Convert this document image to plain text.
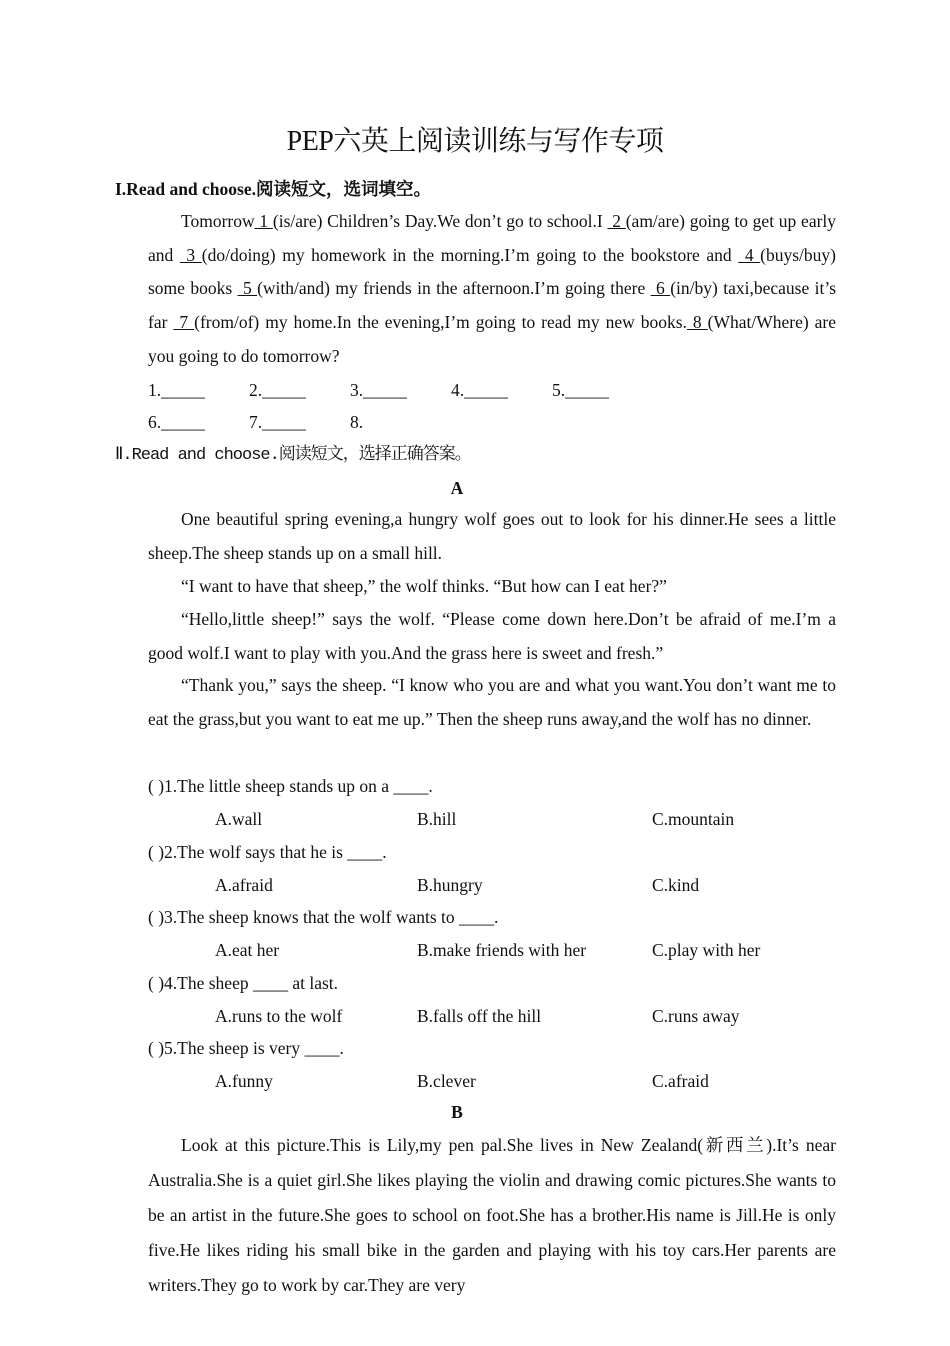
PEP六英上阅读训练与写作专项
I.Read and choose.阅读短文，选词填空。
Tomorrow 1 (is/are) Children’s Day.We don’t go to school.I  2 (am/are) going to get up early and  3 (do/doing) my homework in the morning.I’m going to the bookstore and  4 (buys/buy) some books  5 (with/and) my friends in the afternoon.I’m going there  6 (in/by) taxi,because it’s far  7 (from/of) my home.In the evening,I’m going to read my new books. 8 (What/Where) are you going to do tomorrow?
1._____	2._____	3._____	4._____	5._____
6._____	7._____	8.
Ⅱ.Read and choose.阅读短文，选择正确答案。
A
One beautiful spring evening,a hungry wolf goes out to look for his dinner.He sees a little sheep.The sheep stands up on a small hill.
“I want to have that sheep,” the wolf thinks. “But how can I eat her?”
“Hello,little sheep!” says the wolf. “Please come down here.Don’t be afraid of me.I’m a good wolf.I want to play with you.And the grass here is sweet and fresh.”
“Thank you,” says the sheep. “I know who you are and what you want.You don’t want me to eat the grass,but you want to eat me up.” Then the sheep runs away,and the wolf has no dinner.
( )1.The little sheep stands up on a ____.
A.wall	B.hill	C.mountain
( )2.The wolf says that he is ____.
A.afraid	B.hungry	C.kind
( )3.The sheep knows that the wolf wants to ____.
A.eat her	B.make friends with her	C.play with her
( )4.The sheep ____ at last.
A.runs to the wolf	B.falls off the hill	C.runs away
( )5.The sheep is very ____.
A.funny	B.clever	C.afraid
B
Look at this picture.This is Lily,my pen pal.She lives in New Zealand(新西兰).It’s near Australia.She is a quiet girl.She likes playing the violin and drawing comic pictures.She wants to be an artist in the future.She goes to school on foot.She has a brother.His name is Jill.He is only five.He likes riding his small bike in the garden and playing with his toy cars.Her parents are writers.They go to work by car.They are very
